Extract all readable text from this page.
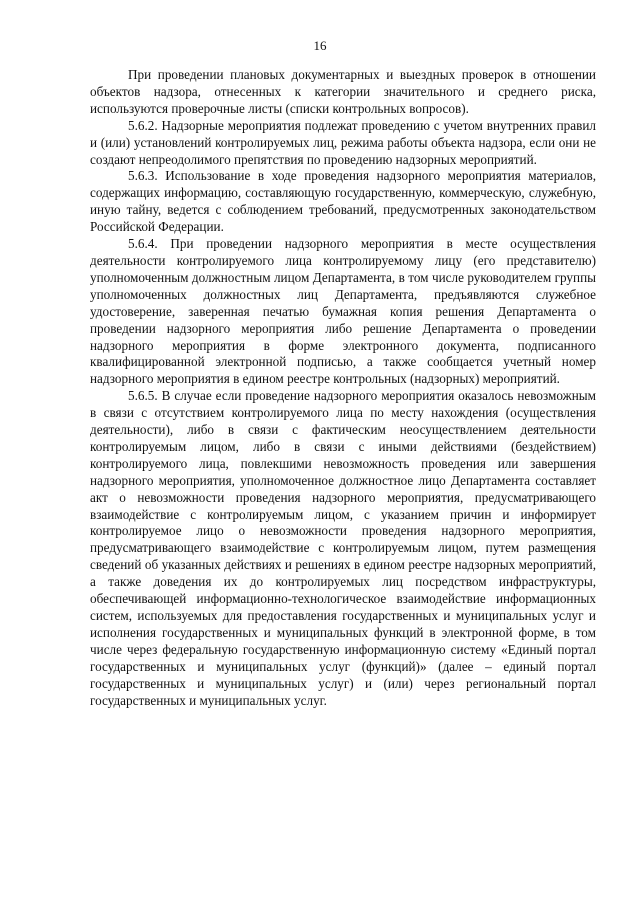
16

При проведении плановых документарных и выездных проверок в отношении объектов надзора, отнесенных к категории значительного и среднего риска, используются проверочные листы (списки контрольных вопросов).

5.6.2. Надзорные мероприятия подлежат проведению с учетом внутренних правил и (или) установлений контролируемых лиц, режима работы объекта надзора, если они не создают непреодолимого препятствия по проведению надзорных мероприятий.

5.6.3. Использование в ходе проведения надзорного мероприятия материалов, содержащих информацию, составляющую государственную, коммерческую, служебную, иную тайну, ведется с соблюдением требований, предусмотренных законодательством Российской Федерации.

5.6.4. При проведении надзорного мероприятия в месте осуществления деятельности контролируемого лица контролируемому лицу (его представителю) уполномоченным должностным лицом Департамента, в том числе руководителем группы уполномоченных должностных лиц Департамента, предъявляются служебное удостоверение, заверенная печатью бумажная копия решения Департамента о проведении надзорного мероприятия либо решение Департамента о проведении надзорного мероприятия в форме электронного документа, подписанного квалифицированной электронной подписью, а также сообщается учетный номер надзорного мероприятия в едином реестре контрольных (надзорных) мероприятий.

5.6.5. В случае если проведение надзорного мероприятия оказалось невозможным в связи с отсутствием контролируемого лица по месту нахождения (осуществления деятельности), либо в связи с фактическим неосуществлением деятельности контролируемым лицом, либо в связи с иными действиями (бездействием) контролируемого лица, повлекшими невозможность проведения или завершения надзорного мероприятия, уполномоченное должностное лицо Департамента составляет акт о невозможности проведения надзорного мероприятия, предусматривающего взаимодействие с контролируемым лицом, с указанием причин и информирует контролируемое лицо о невозможности проведения надзорного мероприятия, предусматривающего взаимодействие с контролируемым лицом, путем размещения сведений об указанных действиях и решениях в едином реестре надзорных мероприятий, а также доведения их до контролируемых лиц посредством инфраструктуры, обеспечивающей информационно-технологическое взаимодействие информационных систем, используемых для предоставления государственных и муниципальных услуг и исполнения государственных и муниципальных функций в электронной форме, в том числе через федеральную государственную информационную систему «Единый портал государственных и муниципальных услуг (функций)» (далее – единый портал государственных и муниципальных услуг) и (или) через региональный портал государственных и муниципальных услуг.
